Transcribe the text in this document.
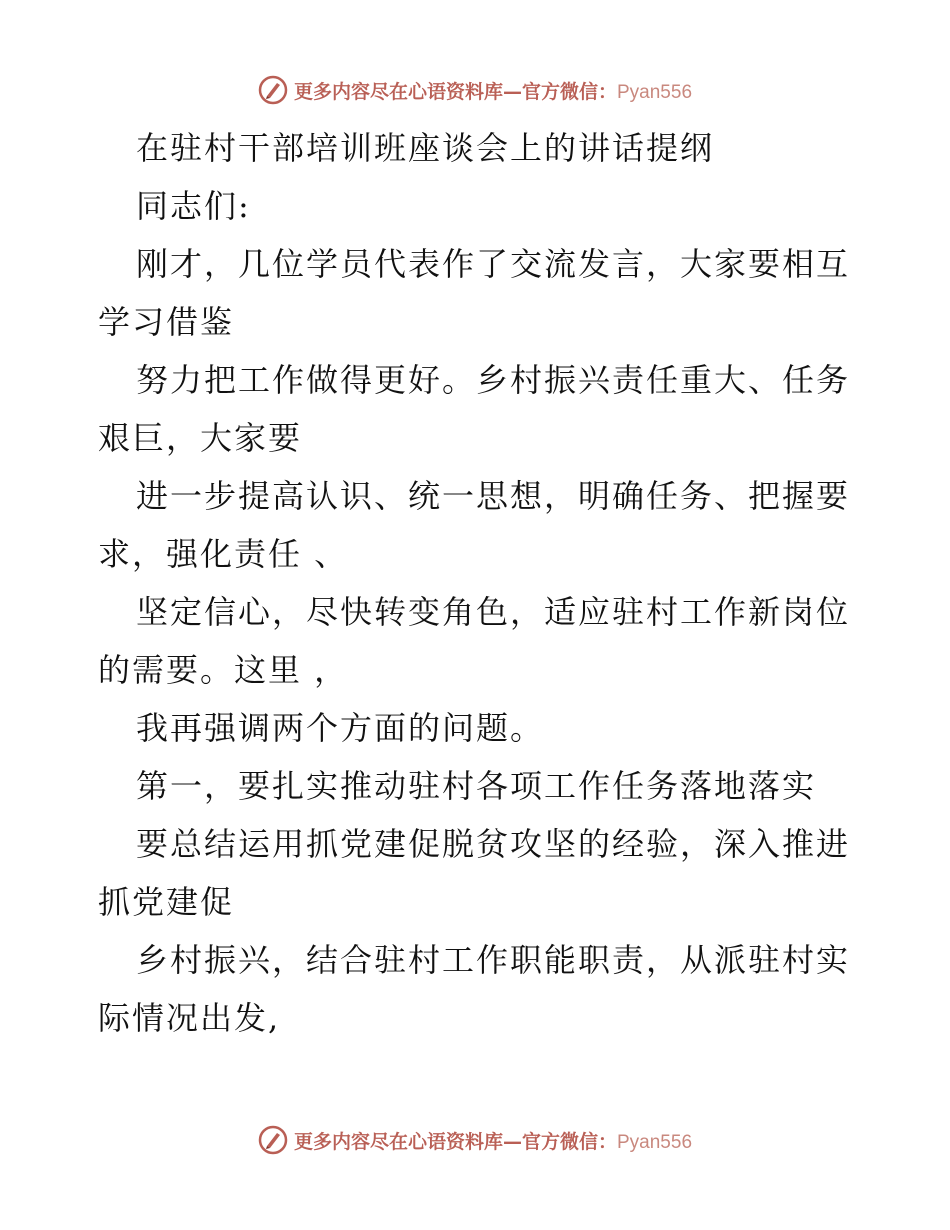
更多内容尽在心语资料库—官方微信：Pyan556
在驻村干部培训班座谈会上的讲话提纲
同志们:
刚才，几位学员代表作了交流发言，大家要相互
学习借鉴
努力把工作做得更好。乡村振兴责任重大、任务
艰巨，大家要
进一步提高认识、统一思想，明确任务、把握要
求，强化责任 、
坚定信心，尽快转变角色，适应驻村工作新岗位
的需要。这里 ，
我再强调两个方面的问题。
第一，要扎实推动驻村各项工作任务落地落实
要总结运用抓党建促脱贫攻坚的经验，深入推进
抓党建促
乡村振兴，结合驻村工作职能职责，从派驻村实
际情况出发,
更多内容尽在心语资料库—官方微信：Pyan556
